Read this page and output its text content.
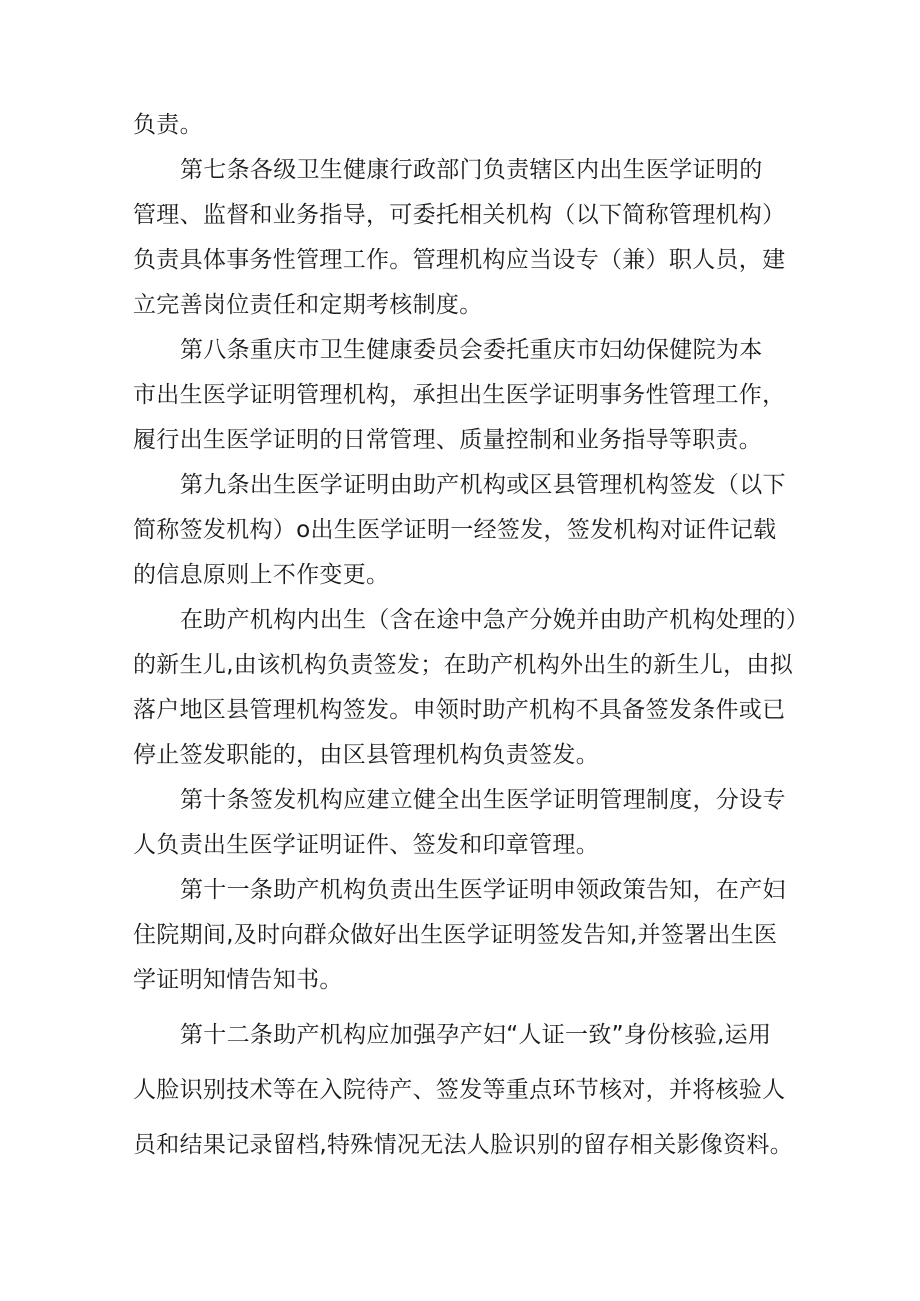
负责。
第七条各级卫生健康行政部门负责辖区内出生医学证明的
管理、监督和业务指导，可委托相关机构（以下简称管理机构）
负责具体事务性管理工作。管理机构应当设专（兼）职人员，建
立完善岗位责任和定期考核制度。
第八条重庆市卫生健康委员会委托重庆市妇幼保健院为本
市出生医学证明管理机构，承担出生医学证明事务性管理工作，
履行出生医学证明的日常管理、质量控制和业务指导等职责。
第九条出生医学证明由助产机构或区县管理机构签发（以下
简称签发机构）o出生医学证明一经签发，签发机构对证件记载
的信息原则上不作变更。
在助产机构内出生（含在途中急产分娩并由助产机构处理的）
的新生儿,由该机构负责签发；在助产机构外出生的新生儿，由拟
落户地区县管理机构签发。申领时助产机构不具备签发条件或已
停止签发职能的，由区县管理机构负责签发。
第十条签发机构应建立健全出生医学证明管理制度，分设专
人负责出生医学证明证件、签发和印章管理。
第十一条助产机构负责出生医学证明申领政策告知，在产妇
住院期间,及时向群众做好出生医学证明签发告知,并签署出生医
学证明知情告知书。
第十二条助产机构应加强孕产妇“人证一致”身份核验,运用
人脸识别技术等在入院待产、签发等重点环节核对，并将核验人
员和结果记录留档,特殊情况无法人脸识别的留存相关影像资料。
